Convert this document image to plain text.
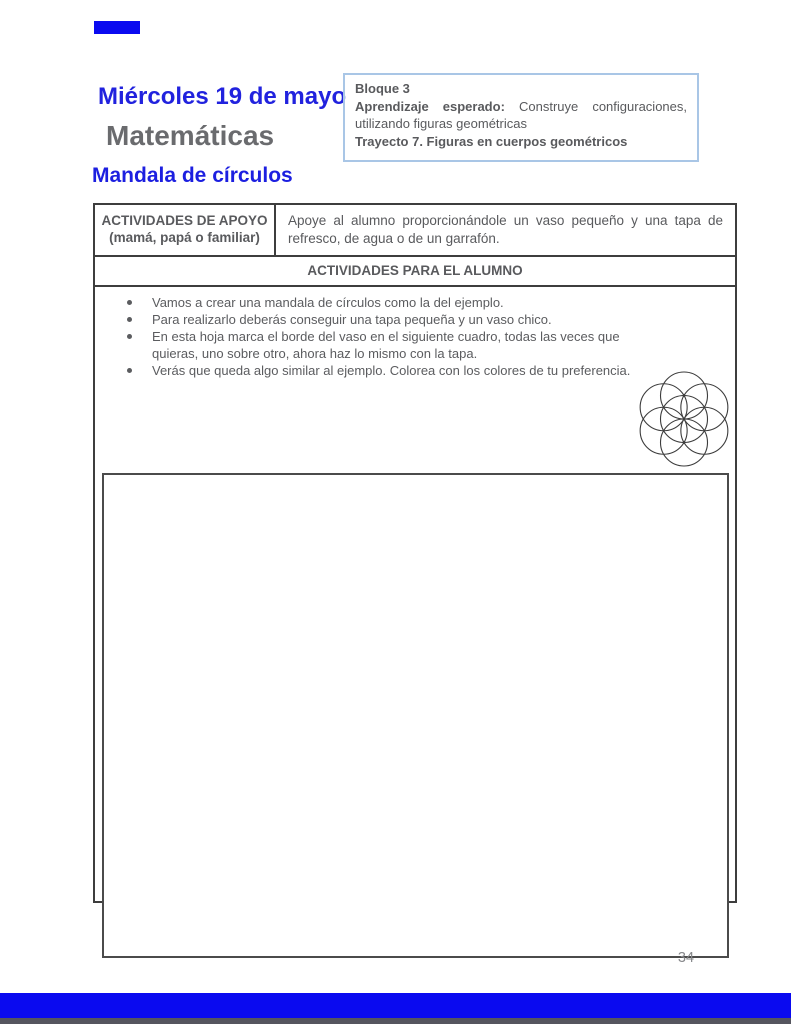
Miércoles 19 de mayo
Matemáticas
Mandala de círculos

Bloque 3

Aprendizaje esperado: Construye configuraciones, utilizando figuras geométricas

Trayecto 7. Figuras en cuerpos geométricos

ACTIVIDADES DE APOYO
(mamá, papá o familiar)
Apoye al alumno proporcionándole un vaso pequeño y una tapa de refresco, de agua o de un garrafón.
ACTIVIDADES PARA EL ALUMNO
Vamos a crear una mandala de círculos como la del ejemplo.
Para realizarlo deberás conseguir una tapa pequeña y un vaso chico.
En esta hoja marca el borde del vaso en el siguiente cuadro, todas las veces que quieras, uno sobre otro, ahora haz lo mismo con la tapa.
Verás que queda algo similar al ejemplo. Colorea con los colores de tu preferencia.
34
